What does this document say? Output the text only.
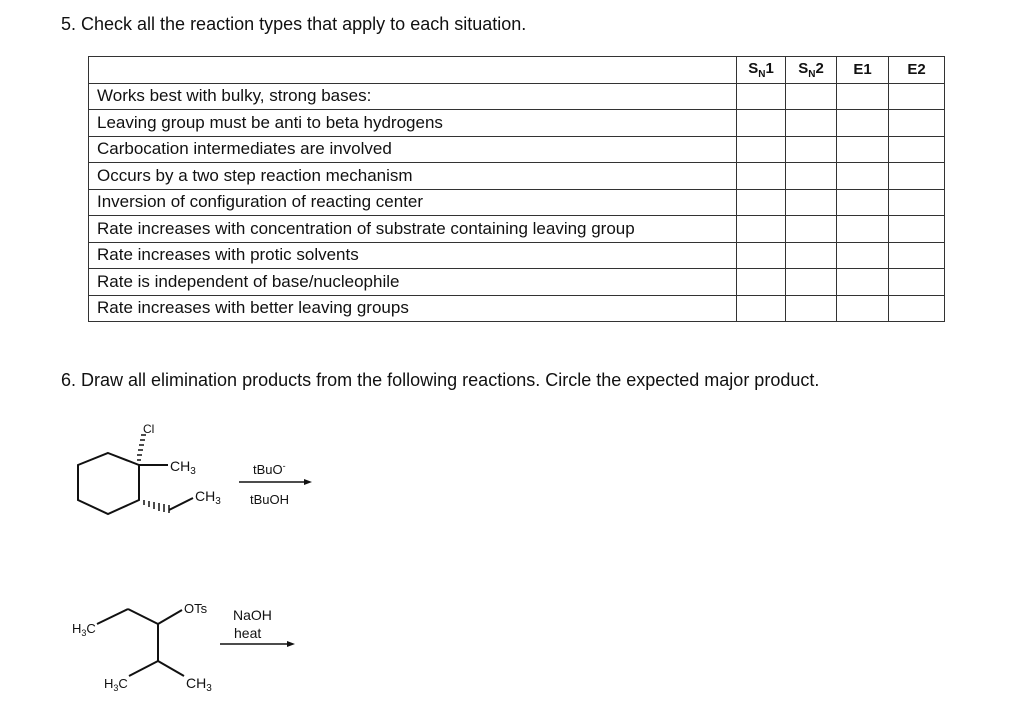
5. Check all the reaction types that apply to each situation.
	$S_N1$	$S_N2$	E1	E2
Works best with bulky, strong bases:				
Leaving group must be anti to beta hydrogens				
Carbocation intermediates are involved				
Occurs by a two step reaction mechanism				
Inversion of configuration of reacting center				
Rate increases with concentration of substrate containing leaving group				
Rate increases with protic solvents				
Rate is independent of base/nucleophile				
Rate increases with better leaving groups				
6. Draw all elimination products from the following reactions. Circle the expected major product.
Cl
$CH_3$
$CH_3$
tBuO-
tBuOH
OTs
$H_3C$
$H_3C$	$CH_3$
NaOH
heat
